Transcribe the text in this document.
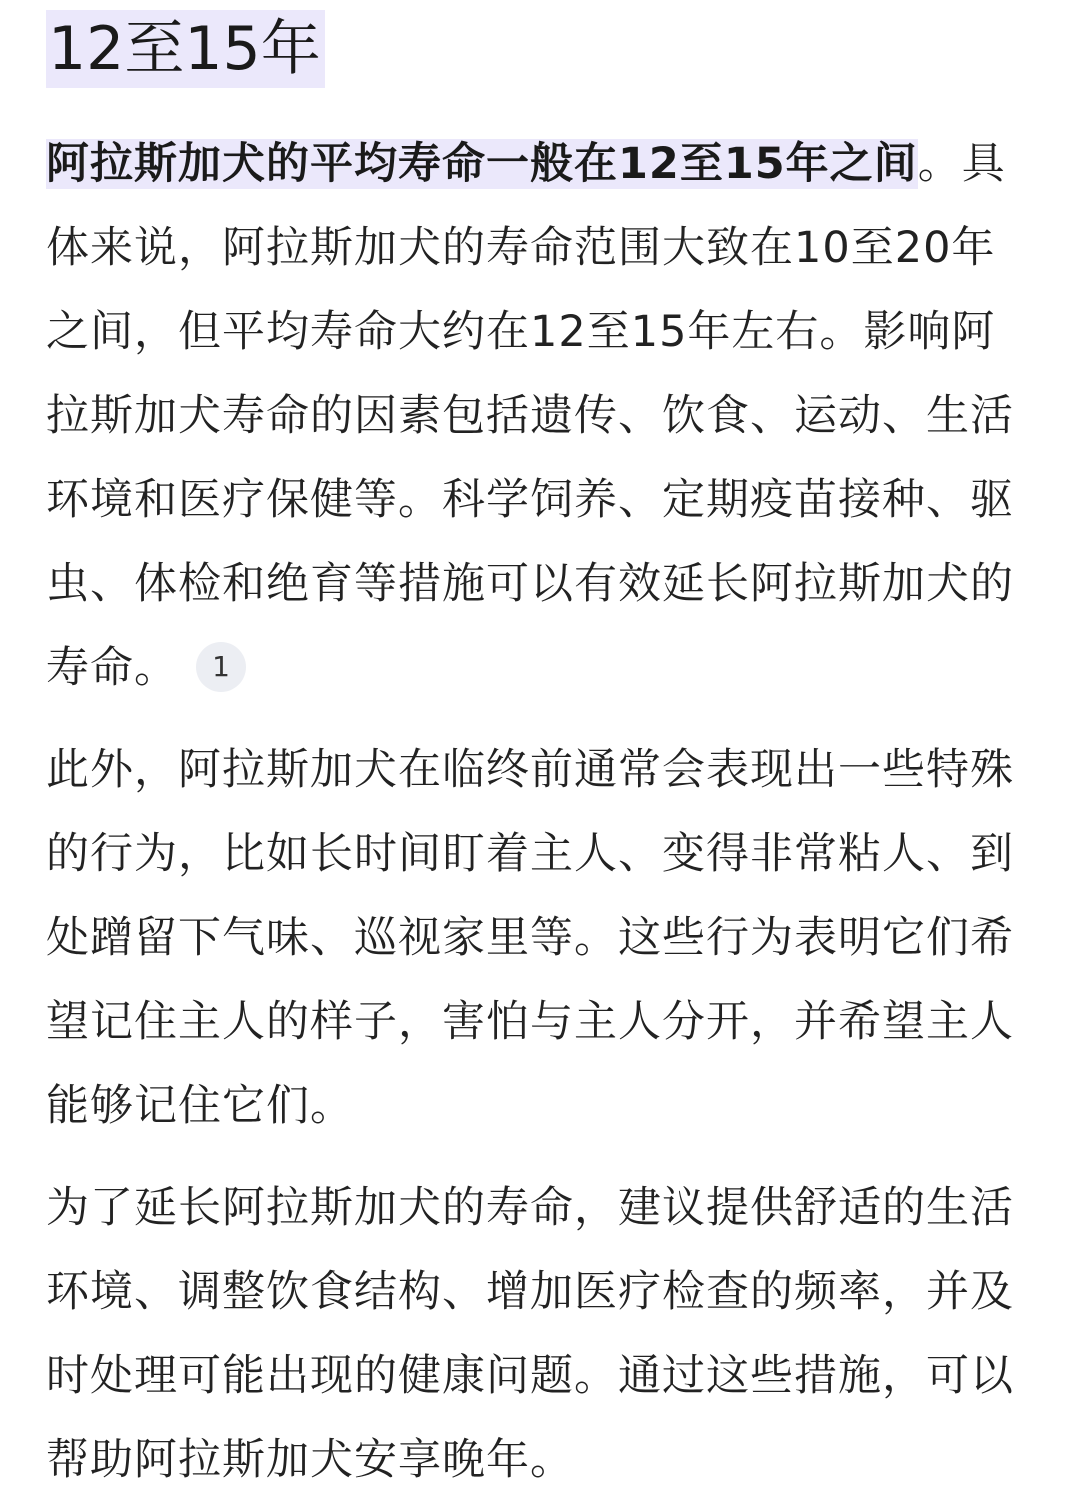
12至15年

阿拉斯加犬的平均寿命一般在12至15年之间。具体来说，阿拉斯加犬的寿命范围大致在10至20年之间，但平均寿命大约在12至15年左右。影响阿拉斯加犬寿命的因素包括遗传、饮食、运动、生活环境和医疗保健等。科学饲养、定期疫苗接种、驱虫、体检和绝育等措施可以有效延长阿拉斯加犬的寿命。 1

此外，阿拉斯加犬在临终前通常会表现出一些特殊的行为，比如长时间盯着主人、变得非常粘人、到处蹭留下气味、巡视家里等。这些行为表明它们希望记住主人的样子，害怕与主人分开，并希望主人能够记住它们。

为了延长阿拉斯加犬的寿命，建议提供舒适的生活环境、调整饮食结构、增加医疗检查的频率，并及时处理可能出现的健康问题。通过这些措施，可以帮助阿拉斯加犬安享晚年。
